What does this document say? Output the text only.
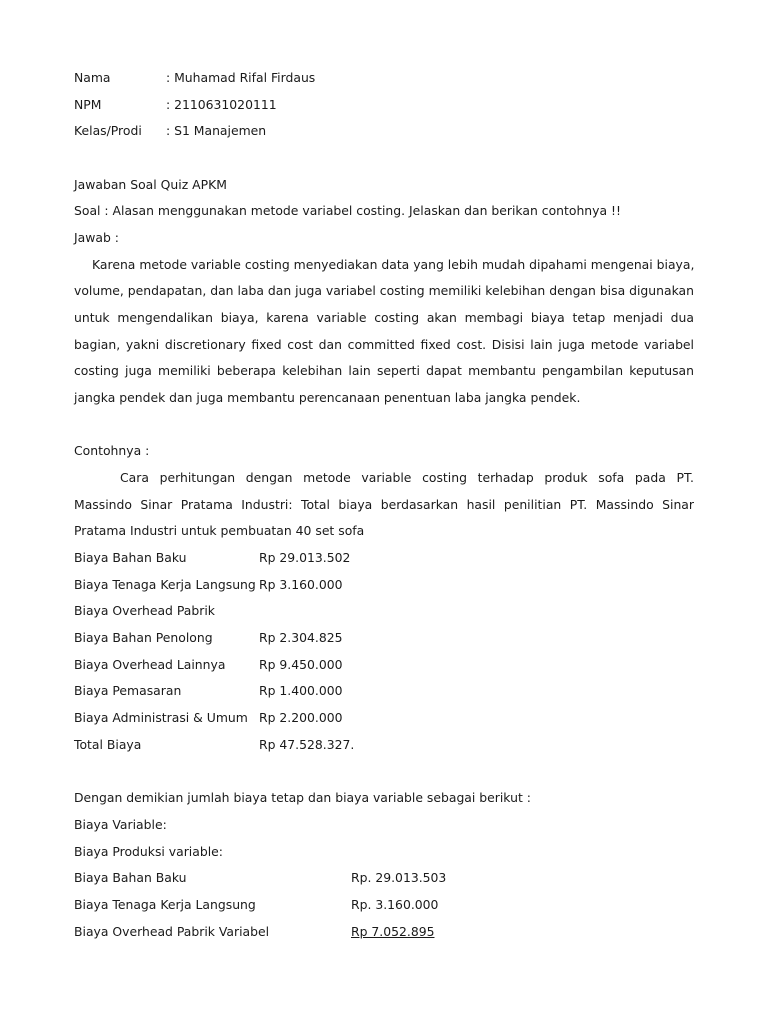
Nama	: Muhamad Rifal Firdaus
NPM	: 2110631020111
Kelas/Prodi : S1 Manajemen
Jawaban Soal Quiz APKM
Soal : Alasan menggunakan metode variabel costing. Jelaskan dan berikan contohnya !!
Jawab :
Karena metode variable costing menyediakan data yang lebih mudah dipahami mengenai biaya,
volume, pendapatan, dan laba dan juga variabel costing memiliki kelebihan dengan bisa digunakan
untuk mengendalikan biaya, karena variable costing akan membagi biaya tetap menjadi dua
bagian, yakni discretionary fixed cost dan committed fixed cost. Disisi lain juga metode variabel
costing juga memiliki beberapa kelebihan lain seperti dapat membantu pengambilan keputusan
jangka pendek dan juga membantu perencanaan penentuan laba jangka pendek.
Contohnya :
Cara perhitungan dengan metode variable costing terhadap produk sofa pada PT.
Massindo Sinar Pratama Industri: Total biaya berdasarkan hasil penilitian PT. Massindo Sinar
Pratama Industri untuk pembuatan 40 set sofa
Biaya Bahan Baku	Rp 29.013.502
Biaya Tenaga Kerja Langsung Rp 3.160.000
Biaya Overhead Pabrik
Biaya Bahan Penolong	Rp 2.304.825
Biaya Overhead Lainnya	Rp 9.450.000
Biaya Pemasaran	Rp 1.400.000
Biaya Administrasi & Umum Rp 2.200.000
Total Biaya	Rp 47.528.327.
Dengan demikian jumlah biaya tetap dan biaya variable sebagai berikut :
Biaya Variable:
Biaya Produksi variable:
Biaya Bahan Baku	Rp. 29.013.503
Biaya Tenaga Kerja Langsung	Rp. 3.160.000
Biaya Overhead Pabrik Variabel	Rp 7.052.895
